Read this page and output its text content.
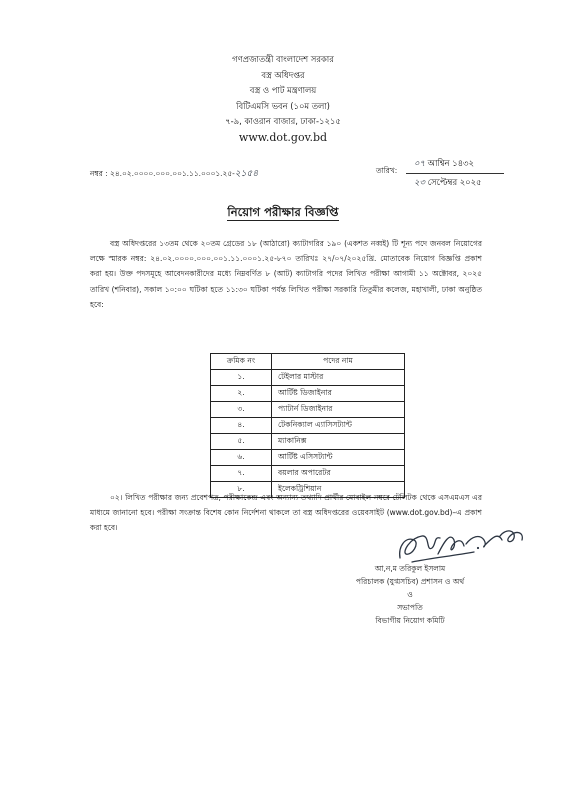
গণপ্রজাতন্ত্রী বাংলাদেশ সরকার
বস্ত্র অধিদপ্তর
বস্ত্র ও পাট মন্ত্রণালয়
বিটিএমসি ভবন (১০ম তলা)
৭-৯, কাওরান বাজার, ঢাকা-১২১৫
www.dot.gov.bd
নম্বর : ২৪.০২.০০০০.০০০.০০১.১১.০০০১.২৫-২১৫৪	তারিখ:
০৭ আশ্বিন ১৪৩২
২৩ সেপ্টেম্বর ২০২৫
নিয়োগ পরীক্ষার বিজ্ঞপ্তি
বস্ত্র অধিদপ্তরের ১৩তম থেকে ২০তম গ্রেডের ১৮ (আঠারো) ক্যাটাগরির ১৯০ (একশত নব্বই) টি শূন্য পদে জনবল নিয়োগের লক্ষে স্মারক নম্বর: ২৪.০২.০০০০.০০০.০০১.১১.০০০১.২৫-৮৭০ তারিখঃ ২৭/০৭/২০২৫খ্রি. মোতাবেক নিয়োগ বিজ্ঞপ্তি প্রকাশ করা হয়। উক্ত পদসমূহে আবেদনকারীদের মধ্যে নিম্নবর্ণিত ৮ (আট) ক্যাটাগরি পদের লিখিত পরীক্ষা আগামী ১১ অক্টোবর, ২০২৫ তারিখ (শনিবার), সকাল ১০:০০ ঘটিকা হতে ১১:৩০ ঘটিকা পর্যন্ত লিখিত পরীক্ষা সরকারি তিতুমীর কলেজ, মহাখালী, ঢাকা অনুষ্ঠিত হবে:
ক্রমিক নং	পদের নাম
১.	টেইলার মাস্টার
২.	আর্টিষ্ট ডিজাইনার
৩.	প্যাটার্ন ডিজাইনার
৪.	টেকনিক্যাল এ্যাসিসট্যান্ট
৫.	ম্যাকানিক্স
৬.	আর্টিষ্ট এসিসট্যান্ট
৭.	বয়লার অপারেটর
৮.	ইলেকট্রিশিয়ান
০২। লিখিত পরীক্ষার জন্য প্রবেশপত্র, পরীক্ষাকেন্দ্র এবং অন্যান্য তথ্যাদি প্রার্থীর মোবাইল নম্বরে টেলিটক থেকে এসএমএস এর মাধ্যমে জানানো হবে। পরীক্ষা সংক্রান্ত বিশেষ কোন নির্দেশনা থাকলে তা বস্ত্র অধিদপ্তরের ওয়েবসাইট (www.dot.gov.bd)–এ প্রকাশ করা হবে।
আ,ন,ম তরিকুল ইসলাম
পরিচালক (যুগ্মসচিব) প্রশাসন ও অর্থ
ও
সভাপতি
বিভাগীয় নিয়োগ কমিটি
